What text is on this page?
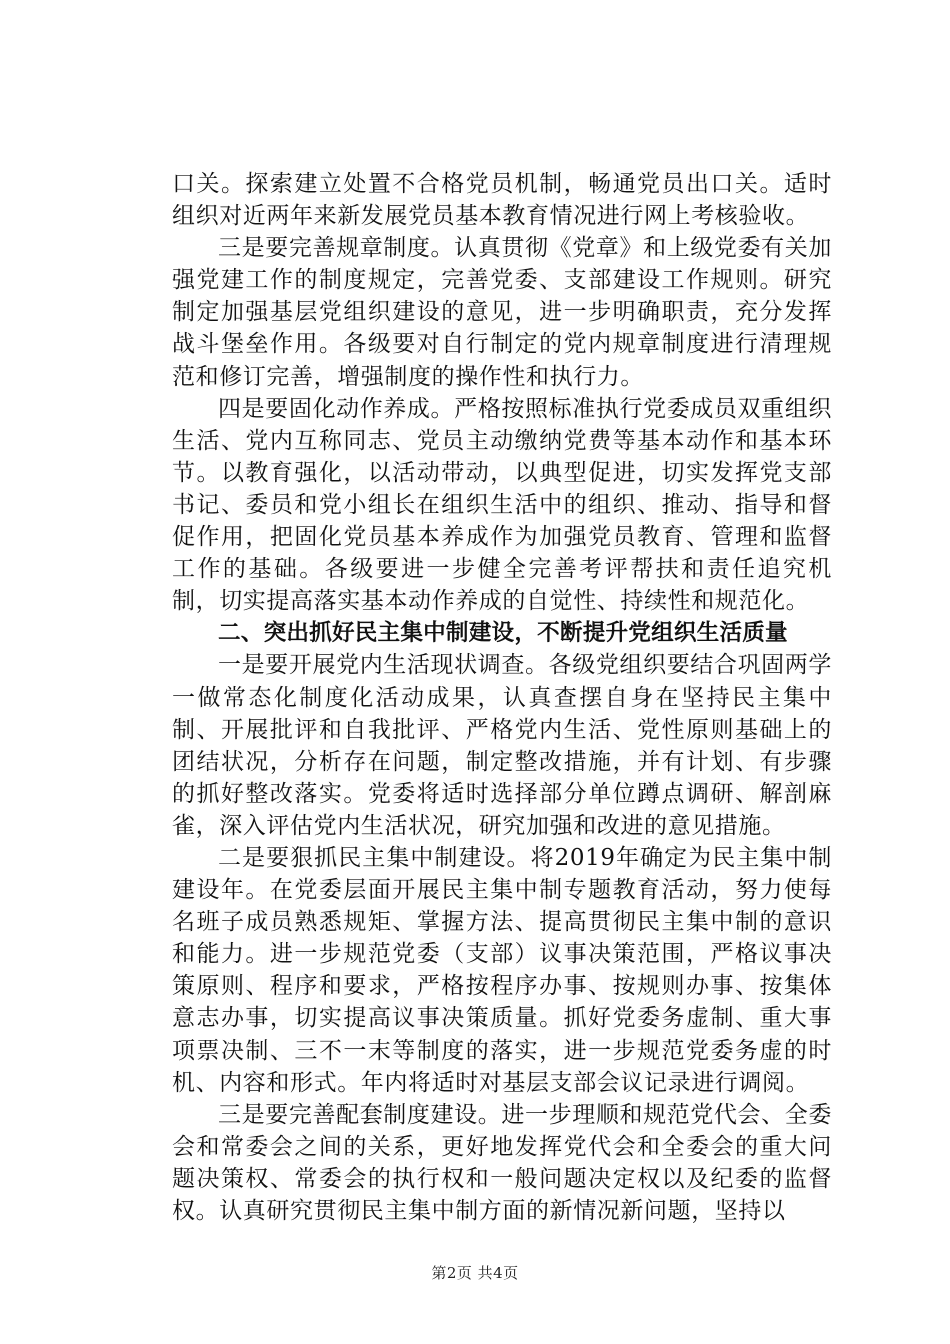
口关。探索建立处置不合格党员机制，畅通党员出口关。适时组织对近两年来新发展党员基本教育情况进行网上考核验收。

三是要完善规章制度。认真贯彻《党章》和上级党委有关加强党建工作的制度规定，完善党委、支部建设工作规则。研究制定加强基层党组织建设的意见，进一步明确职责，充分发挥战斗堡垒作用。各级要对自行制定的党内规章制度进行清理规范和修订完善，增强制度的操作性和执行力。

四是要固化动作养成。严格按照标准执行党委成员双重组织生活、党内互称同志、党员主动缴纳党费等基本动作和基本环节。以教育强化，以活动带动，以典型促进，切实发挥党支部书记、委员和党小组长在组织生活中的组织、推动、指导和督促作用，把固化党员基本养成作为加强党员教育、管理和监督工作的基础。各级要进一步健全完善考评帮扶和责任追究机制，切实提高落实基本动作养成的自觉性、持续性和规范化。

二、突出抓好民主集中制建设，不断提升党组织生活质量

一是要开展党内生活现状调查。各级党组织要结合巩固两学一做常态化制度化活动成果，认真查摆自身在坚持民主集中制、开展批评和自我批评、严格党内生活、党性原则基础上的团结状况，分析存在问题，制定整改措施，并有计划、有步骤的抓好整改落实。党委将适时选择部分单位蹲点调研、解剖麻雀，深入评估党内生活状况，研究加强和改进的意见措施。

二是要狠抓民主集中制建设。将2019年确定为民主集中制建设年。在党委层面开展民主集中制专题教育活动，努力使每名班子成员熟悉规矩、掌握方法、提高贯彻民主集中制的意识和能力。进一步规范党委（支部）议事决策范围，严格议事决策原则、程序和要求，严格按程序办事、按规则办事、按集体意志办事，切实提高议事决策质量。抓好党委务虚制、重大事项票决制、三不一末等制度的落实，进一步规范党委务虚的时机、内容和形式。年内将适时对基层支部会议记录进行调阅。

三是要完善配套制度建设。进一步理顺和规范党代会、全委会和常委会之间的关系，更好地发挥党代会和全委会的重大问题决策权、常委会的执行权和一般问题决定权以及纪委的监督权。认真研究贯彻民主集中制方面的新情况新问题，坚持以

第2页 共4页
